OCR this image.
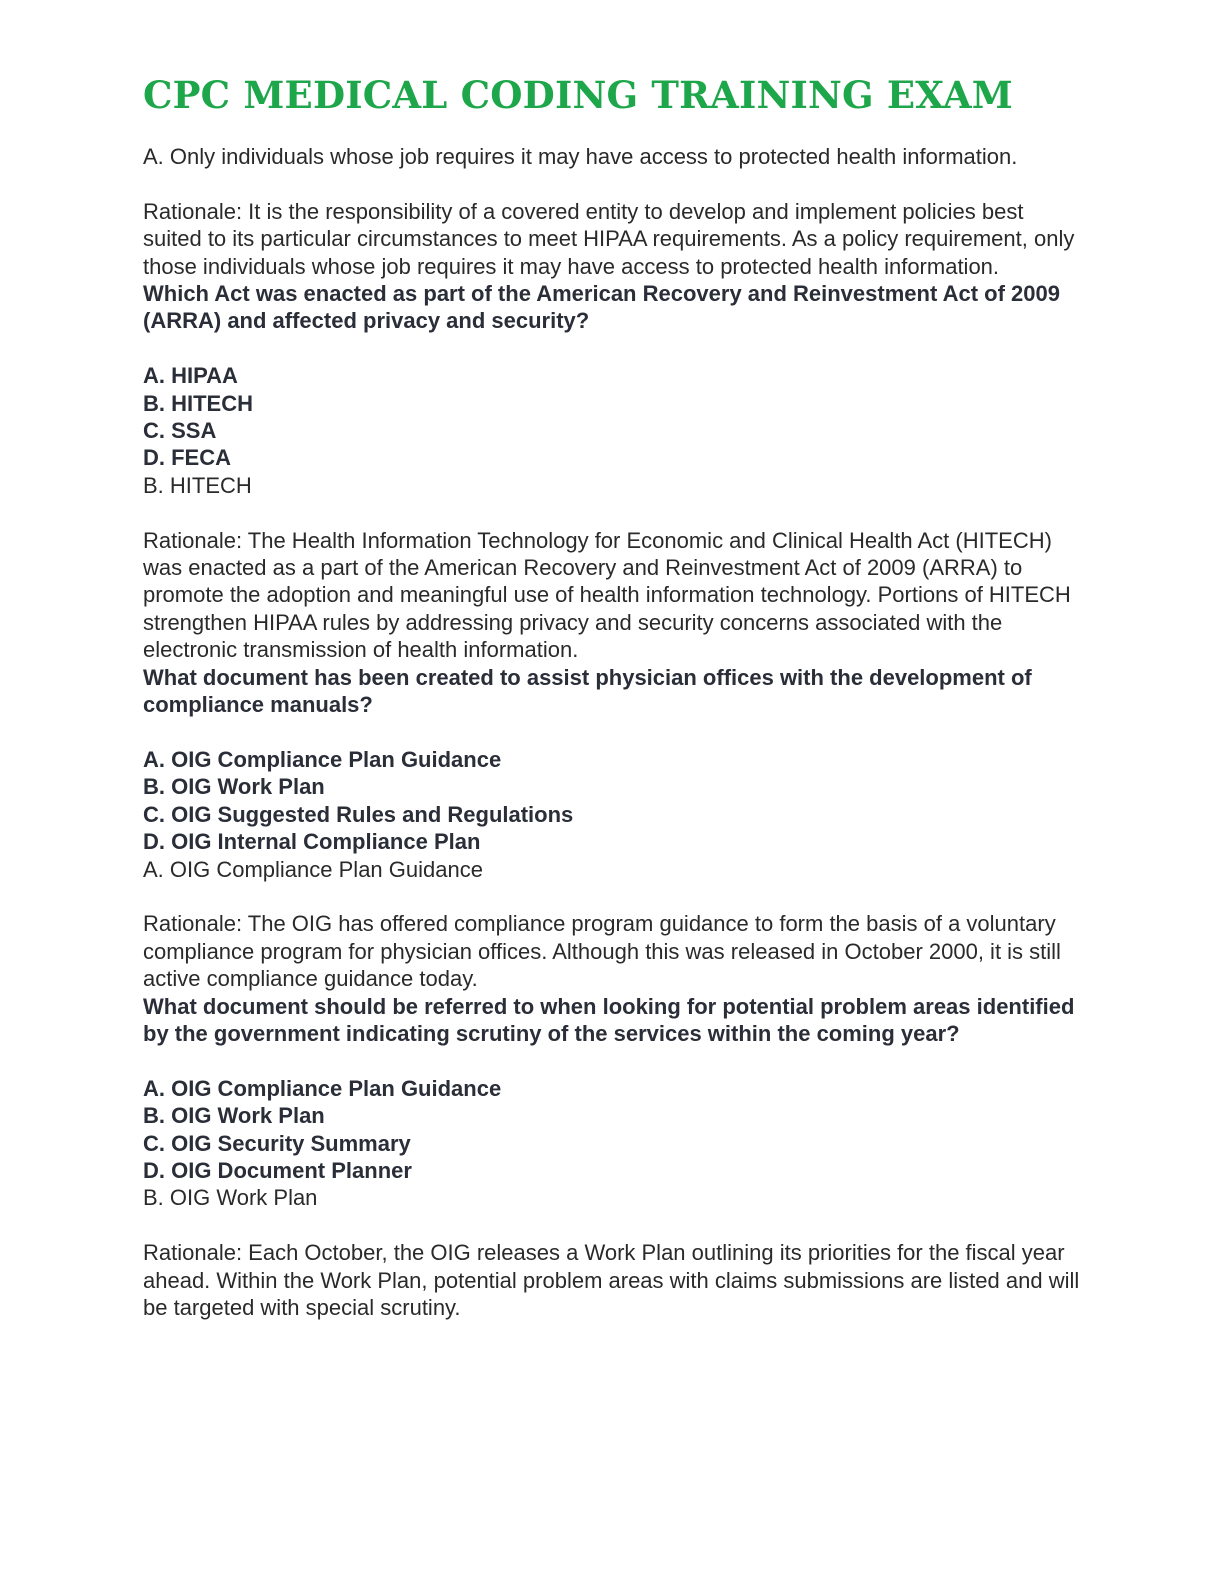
CPC MEDICAL CODING TRAINING EXAM

A. Only individuals whose job requires it may have access to protected health information.

Rationale: It is the responsibility of a covered entity to develop and implement policies best suited to its particular circumstances to meet HIPAA requirements. As a policy requirement, only those individuals whose job requires it may have access to protected health information.

Which Act was enacted as part of the American Recovery and Reinvestment Act of 2009 (ARRA) and affected privacy and security?

A. HIPAA

B. HITECH

C. SSA

D. FECA

B. HITECH

Rationale: The Health Information Technology for Economic and Clinical Health Act (HITECH) was enacted as a part of the American Recovery and Reinvestment Act of 2009 (ARRA) to promote the adoption and meaningful use of health information technology. Portions of HITECH strengthen HIPAA rules by addressing privacy and security concerns associated with the electronic transmission of health information.

What document has been created to assist physician offices with the development of compliance manuals?

A. OIG Compliance Plan Guidance

B. OIG Work Plan

C. OIG Suggested Rules and Regulations

D. OIG Internal Compliance Plan

A. OIG Compliance Plan Guidance

Rationale: The OIG has offered compliance program guidance to form the basis of a voluntary compliance program for physician offices. Although this was released in October 2000, it is still active compliance guidance today.

What document should be referred to when looking for potential problem areas identified by the government indicating scrutiny of the services within the coming year?

A. OIG Compliance Plan Guidance

B. OIG Work Plan

C. OIG Security Summary

D. OIG Document Planner

B. OIG Work Plan

Rationale: Each October, the OIG releases a Work Plan outlining its priorities for the fiscal year ahead. Within the Work Plan, potential problem areas with claims submissions are listed and will be targeted with special scrutiny.
